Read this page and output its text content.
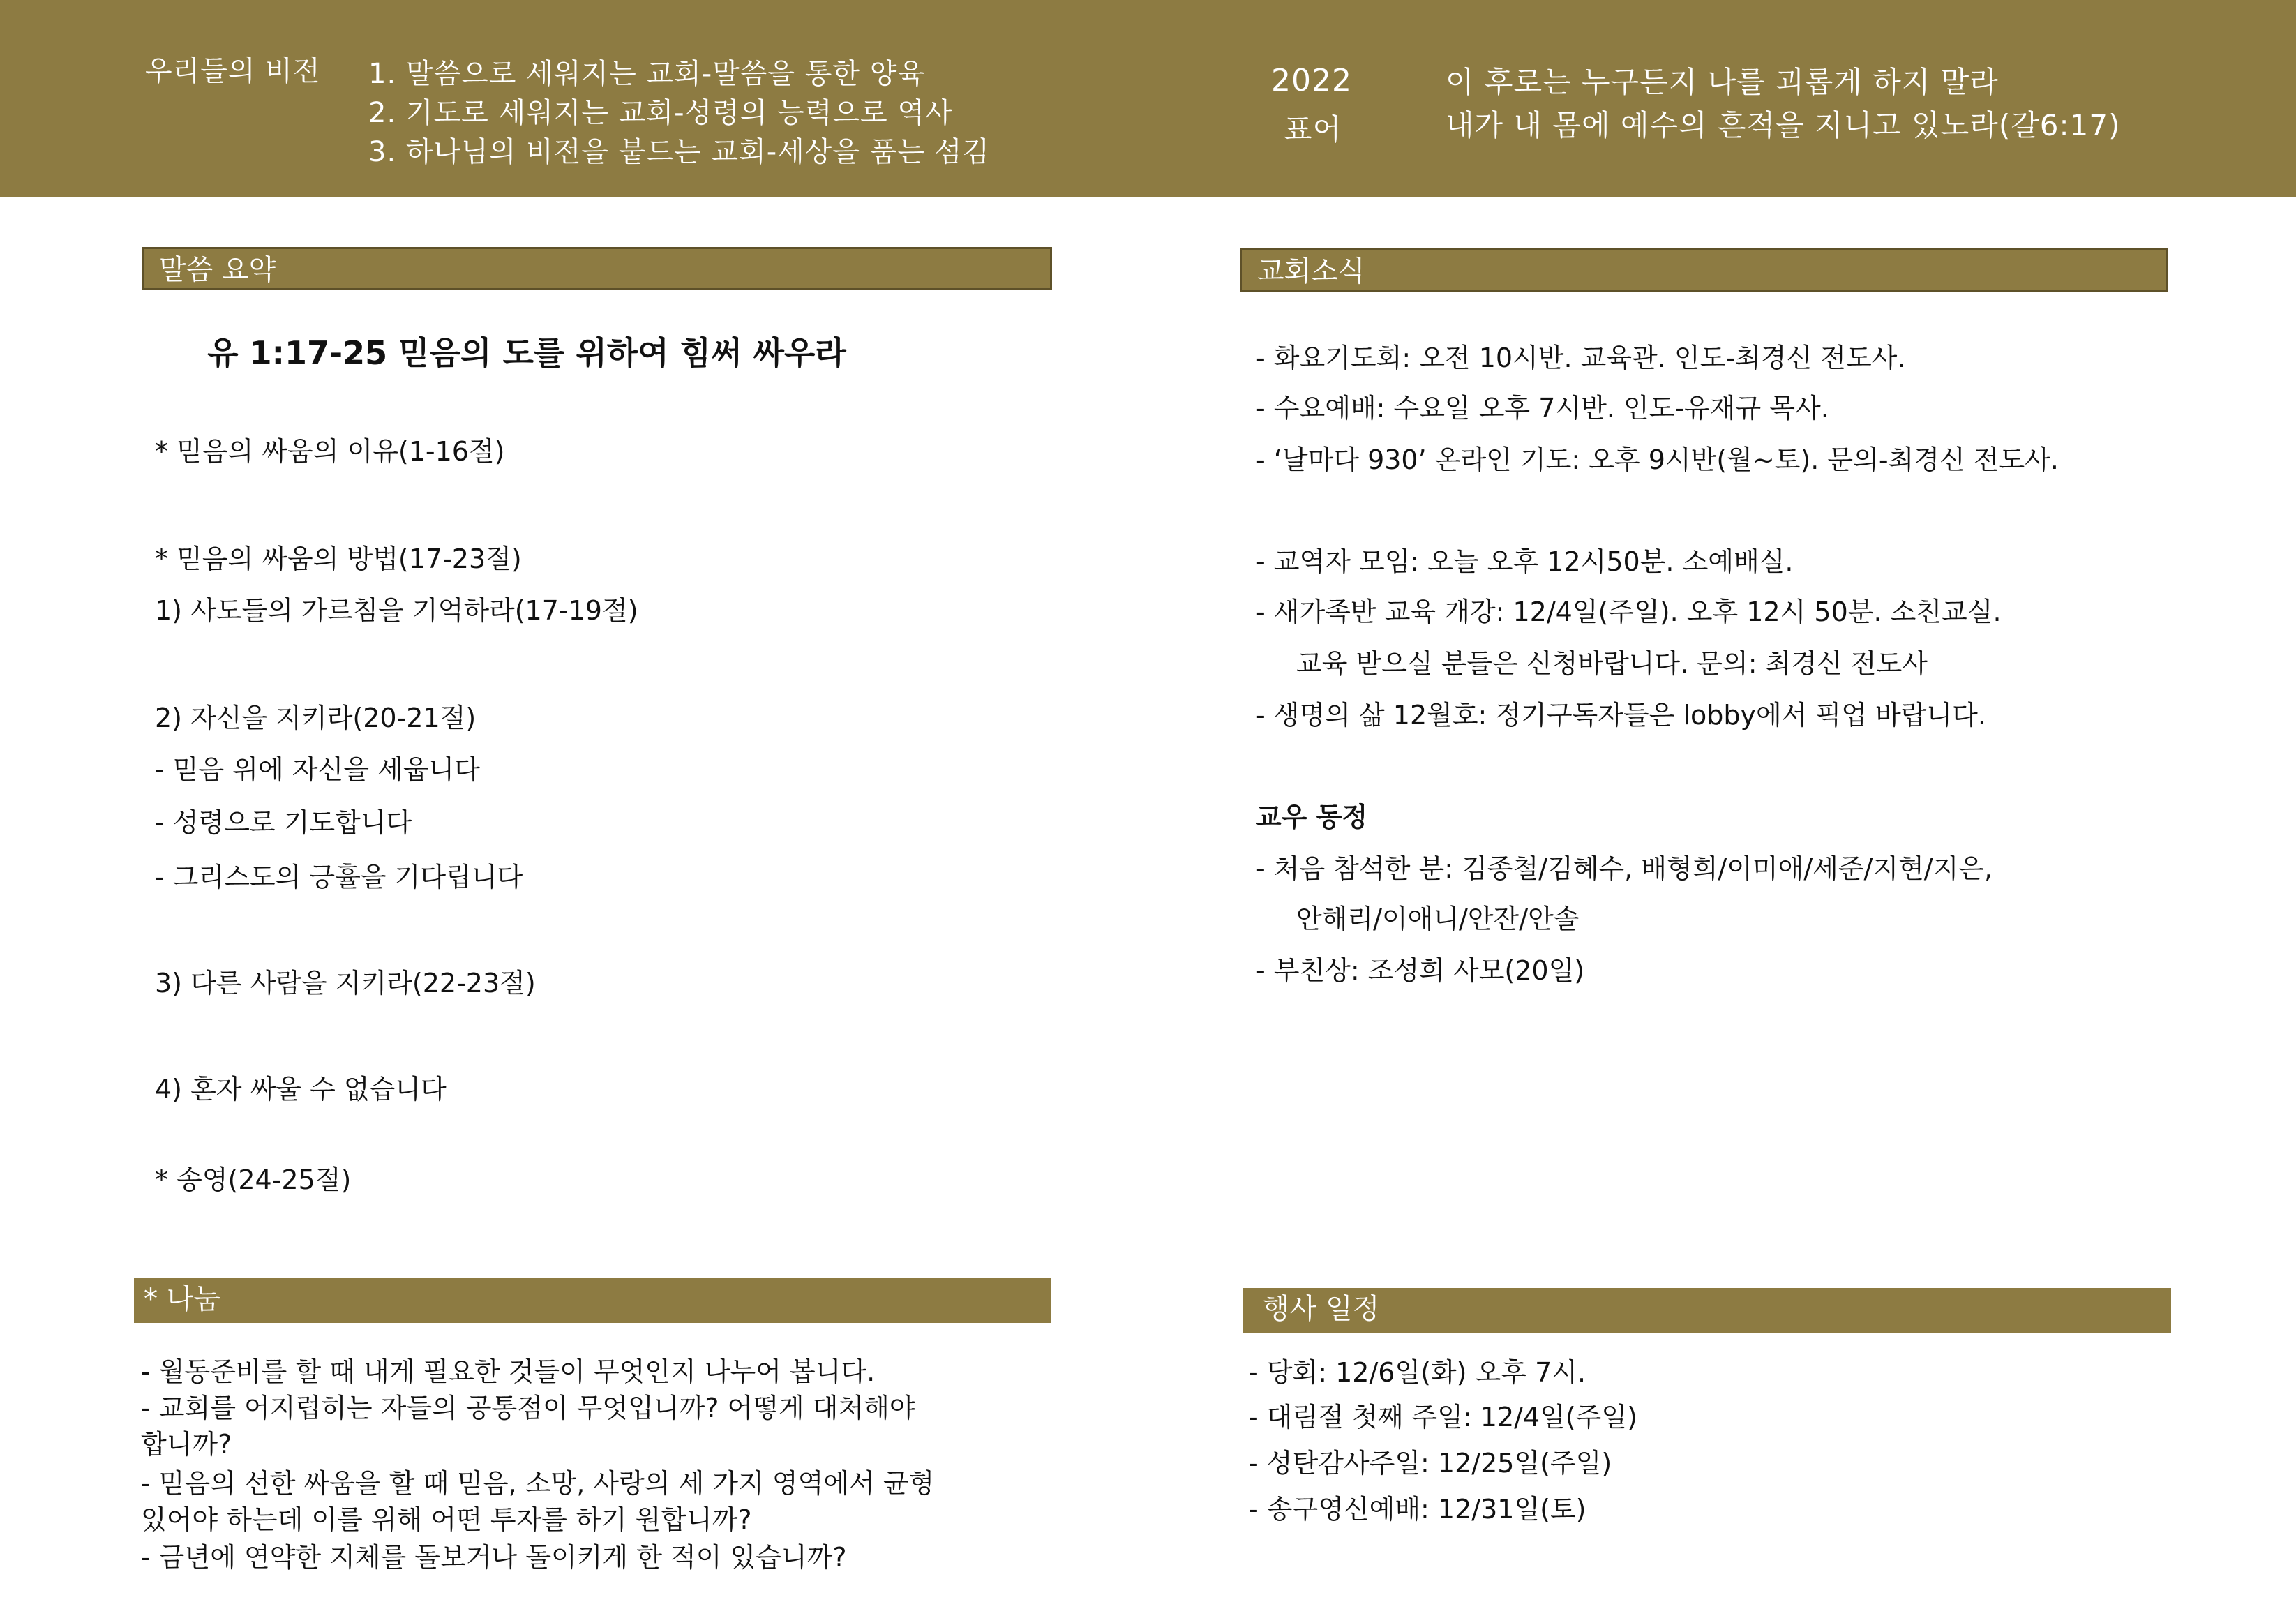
우리들의 비전 1. 말씀으로 세워지는 교회-말씀을 통한 양육
2. 기도로 세워지는 교회-성령의 능력으로 역사
3. 하나님의 비전을 붙드는 교회-세상을 품는 섬김
2022
표어
이 후로는 누구든지 나를 괴롭게 하지 말라
내가 내 몸에 예수의 흔적을 지니고 있노라(갈6:17)
말씀 요약
유 1:17-25 믿음의 도를 위하여 힘써 싸우라
* 믿음의 싸움의 이유(1-16절)
* 믿음의 싸움의 방법(17-23절)
1) 사도들의 가르침을 기억하라(17-19절)
2) 자신을 지키라(20-21절)
- 믿음 위에 자신을 세웁니다
- 성령으로 기도합니다
- 그리스도의 긍휼을 기다립니다
3) 다른 사람을 지키라(22-23절)
4) 혼자 싸울 수 없습니다
* 송영(24-25절)
* 나눔
- 월동준비를 할 때 내게 필요한 것들이 무엇인지 나누어 봅니다.
- 교회를 어지럽히는 자들의 공통점이 무엇입니까? 어떻게 대처해야
합니까?
- 믿음의 선한 싸움을 할 때 믿음, 소망, 사랑의 세 가지 영역에서 균형
있어야 하는데 이를 위해 어떤 투자를 하기 원합니까?
- 금년에 연약한 지체를 돌보거나 돌이키게 한 적이 있습니까?
교회소식
- 화요기도회: 오전 10시반. 교육관. 인도-최경신 전도사.
- 수요예배: 수요일 오후 7시반. 인도-유재규 목사.
- ‘날마다 930’ 온라인 기도: 오후 9시반(월~토). 문의-최경신 전도사.
- 교역자 모임: 오늘 오후 12시50분. 소예배실.
- 새가족반 교육 개강: 12/4일(주일). 오후 12시 50분. 소친교실.
교육 받으실 분들은 신청바랍니다. 문의: 최경신 전도사
- 생명의 삶 12월호: 정기구독자들은 lobby에서 픽업 바랍니다.
교우 동정
- 처음 참석한 분: 김종철/김혜수, 배형희/이미애/세준/지현/지은,
안해리/이애니/안잔/안솔
- 부친상: 조성희 사모(20일)
행사 일정
- 당회: 12/6일(화) 오후 7시.
- 대림절 첫째 주일: 12/4일(주일)
- 성탄감사주일: 12/25일(주일)
- 송구영신예배: 12/31일(토)
